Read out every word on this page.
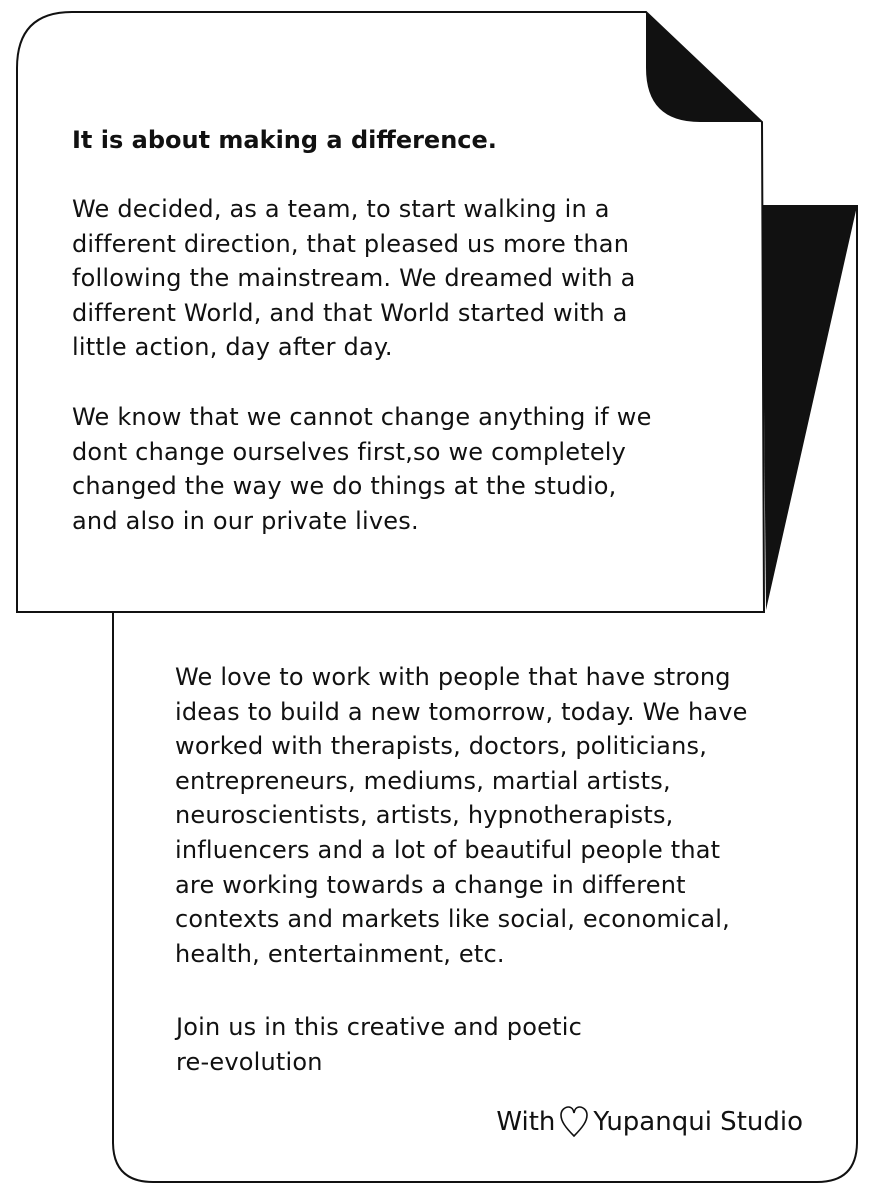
It is about making a difference.
We decided, as a team, to start walking in a
different direction, that pleased us more than
following the mainstream. We dreamed with a
different World, and that World started with a
little action, day after day.
We know that we cannot change anything if we
dont change ourselves first,so we completely
changed the way we do things at the studio,
and also in our private lives.
We love to work with people that have strong
ideas to build a new tomorrow, today. We have
worked with therapists, doctors, politicians,
entrepreneurs, mediums, martial artists,
neuroscientists, artists, hypnotherapists,
influencers and a lot of beautiful people that
are working towards a change in different
contexts and markets like social, economical,
health, entertainment, etc.
Join us in this creative and poetic
re-evolution
With Yupanqui Studio
